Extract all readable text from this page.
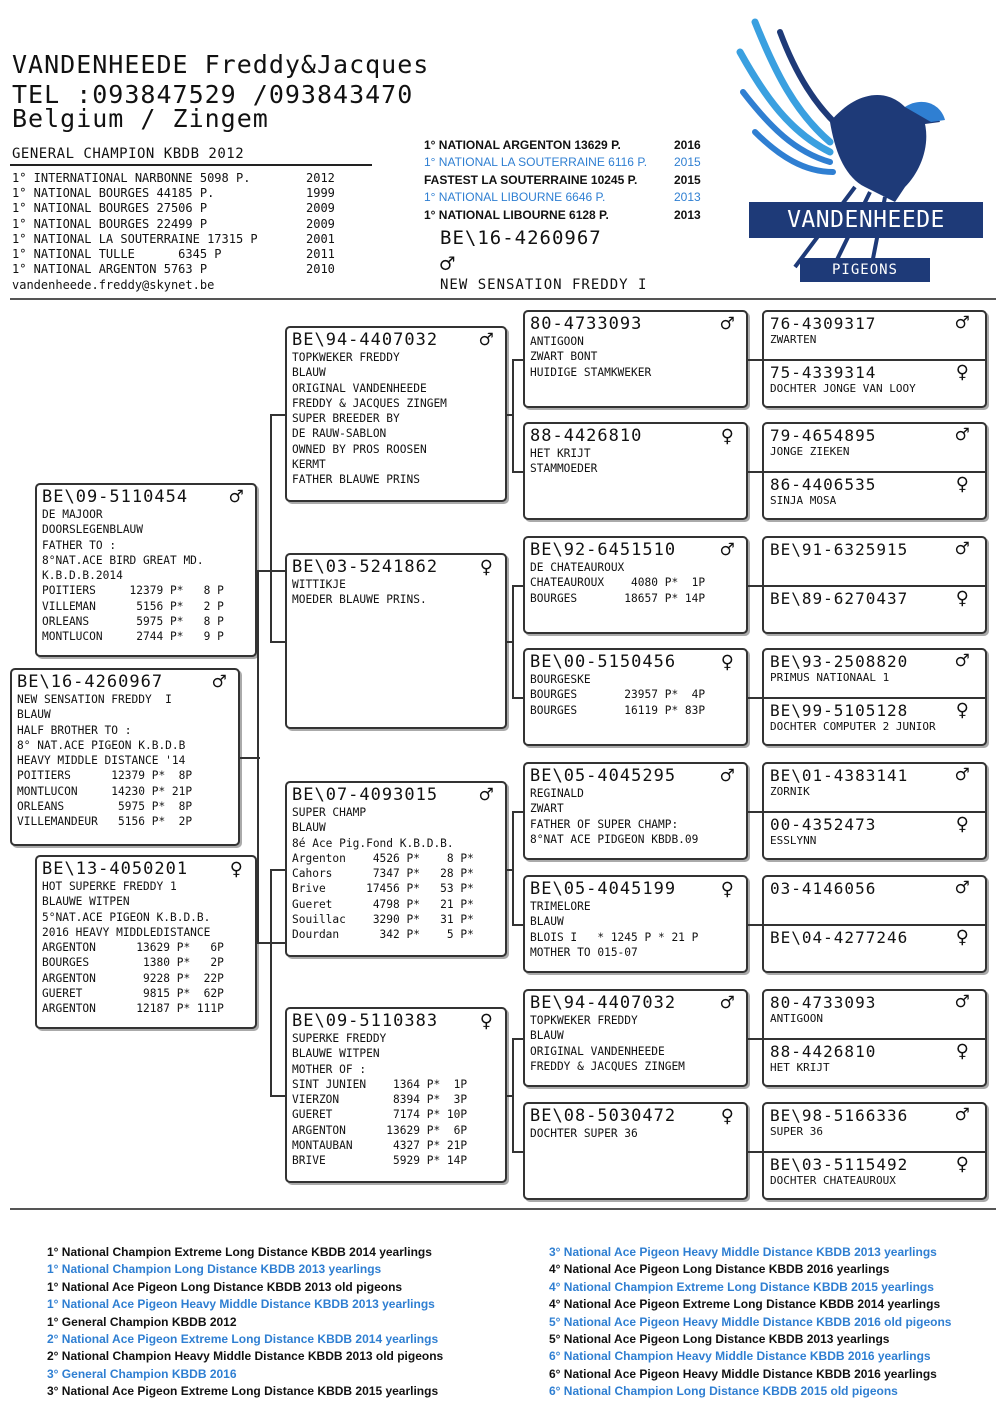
VANDENHEEDE Freddy&Jacques
TEL :093847529 /093843470
Belgium / Zingem
GENERAL CHAMPION KBDB 2012
1° INTERNATIONAL NARBONNE 5098 P.	2012
1° NATIONAL BOURGES 44185 P.	1999
1° NATIONAL BOURGES 27506 P	2009
1° NATIONAL BOURGES 22499 P	2009
1° NATIONAL LA SOUTERRAINE 17315 P	2001
1° NATIONAL TULLE      6345 P	2011
1° NATIONAL ARGENTON 5763 P	2010
vandenheede.freddy@skynet.be
1° NATIONAL ARGENTON 13629 P.	2016
1° NATIONAL LA SOUTERRAINE 6116 P.	2015
FASTEST LA SOUTERRAINE 10245 P.	2015
1° NATIONAL LIBOURNE 6646 P.	2013
1° NATIONAL LIBOURNE 6128 P.	2013
BE\16-4260967
♂
NEW SENSATION FREDDY I
VANDENHEEDE
PIGEONS
BE\16-4260967	♂
NEW SENSATION FREDDY  I
BLAUW
HALF BROTHER TO :
8° NAT.ACE PIGEON K.B.D.B
HEAVY MIDDLE DISTANCE '14
POITIERS      12379 P*  8P
MONTLUCON     14230 P* 21P
ORLEANS        5975 P*  8P
VILLEMANDEUR   5156 P*  2P
BE\09-5110454	♂
DE MAJOOR
DOORSLEGENBLAUW
FATHER TO :
8°NAT.ACE BIRD GREAT MD.
K.B.D.B.2014
POITIERS     12379 P*   8 P
VILLEMAN      5156 P*   2 P
ORLEANS       5975 P*   8 P
MONTLUCON     2744 P*   9 P
BE\13-4050201	♀
HOT SUPERKE FREDDY 1
BLAUWE WITPEN
5°NAT.ACE PIGEON K.B.D.B.
2016 HEAVY MIDDLEDISTANCE
ARGENTON      13629 P*   6P
BOURGES        1380 P*   2P
ARGENTON       9228 P*  22P
GUERET         9815 P*  62P
ARGENTON      12187 P* 111P
BE\94-4407032	♂
TOPKWEKER FREDDY
BLAUW
ORIGINAL VANDENHEEDE
FREDDY & JACQUES ZINGEM
SUPER BREEDER BY
DE RAUW-SABLON
OWNED BY PROS ROOSEN
KERMT
FATHER BLAUWE PRINS
BE\03-5241862	♀
WITTIKJE
MOEDER BLAUWE PRINS.
BE\07-4093015	♂
SUPER CHAMP
BLAUW
8é Ace Pig.Fond K.B.D.B.
Argenton    4526 P*    8 P*
Cahors      7347 P*   28 P*
Brive      17456 P*   53 P*
Gueret      4798 P*   21 P*
Souillac    3290 P*   31 P*
Dourdan      342 P*    5 P*
BE\09-5110383	♀
SUPERKE FREDDY
BLAUWE WITPEN
MOTHER OF :
SINT JUNIEN    1364 P*  1P
VIERZON        8394 P*  3P
GUERET         7174 P* 10P
ARGENTON      13629 P*  6P
MONTAUBAN      4327 P* 21P
BRIVE          5929 P* 14P
80-4733093	♂
ANTIGOON
ZWART BONT
HUIDIGE STAMKWEKER
88-4426810	♀
HET KRIJT
STAMMOEDER
BE\92-6451510	♂
DE CHATEAUROUX
CHATEAUROUX    4080 P*  1P
BOURGES       18657 P* 14P
BE\00-5150456	♀
BOURGESKE
BOURGES       23957 P*  4P
BOURGES       16119 P* 83P
BE\05-4045295	♂
REGINALD
ZWART
FATHER OF SUPER CHAMP:
8°NAT ACE PIDGEON KBDB.09
BE\05-4045199	♀
TRIMELORE
BLAUW
BLOIS I   * 1245 P * 21 P
MOTHER TO 015-07
BE\94-4407032	♂
TOPKWEKER FREDDY
BLAUW
ORIGINAL VANDENHEEDE
FREDDY & JACQUES ZINGEM
BE\08-5030472	♀
DOCHTER SUPER 36
76-4309317	♂
ZWARTEN
75-4339314	♀
DOCHTER JONGE VAN LOOY
79-4654895	♂
JONGE ZIEKEN
86-4406535	♀
SINJA MOSA
BE\91-6325915	♂
BE\89-6270437	♀
BE\93-2508820	♂
PRIMUS NATIONAAL 1
BE\99-5105128	♀
DOCHTER COMPUTER 2 JUNIOR
BE\01-4383141	♂
ZORNIK
00-4352473	♀
ESSLYNN
03-4146056	♂
BE\04-4277246	♀
80-4733093	♂
ANTIGOON
88-4426810	♀
HET KRIJT
BE\98-5166336	♂
SUPER 36
BE\03-5115492	♀
DOCHTER CHATEAUROUX
1° National Champion Extreme Long Distance KBDB 2014 yearlings
1° National Champion Long Distance KBDB 2013 yearlings
1° National Ace Pigeon Long Distance KBDB 2013 old pigeons
1° National Ace Pigeon Heavy Middle Distance KBDB 2013 yearlings
1° General Champion KBDB 2012
2° National Ace Pigeon Extreme Long Distance KBDB 2014 yearlings
2° National Champion Heavy Middle Distance KBDB 2013 old pigeons
3° General Champion KBDB 2016
3° National Ace Pigeon Extreme Long Distance KBDB 2015 yearlings
3° National Ace Pigeon Heavy Middle Distance KBDB 2013 yearlings
4° National Ace Pigeon Long Distance KBDB 2016 yearlings
4° National Champion Extreme Long Distance KBDB 2015 yearlings
4° National Ace Pigeon Extreme Long Distance KBDB 2014 yearlings
5° National Ace Pigeon Heavy Middle Distance KBDB 2016 old pigeons
5° National Ace Pigeon Long Distance KBDB 2013 yearlings
6° National Champion Heavy Middle Distance KBDB 2016 yearlings
6° National Ace Pigeon Heavy Middle Distance KBDB 2016 yearlings
6° National Champion Long Distance KBDB 2015 old pigeons
